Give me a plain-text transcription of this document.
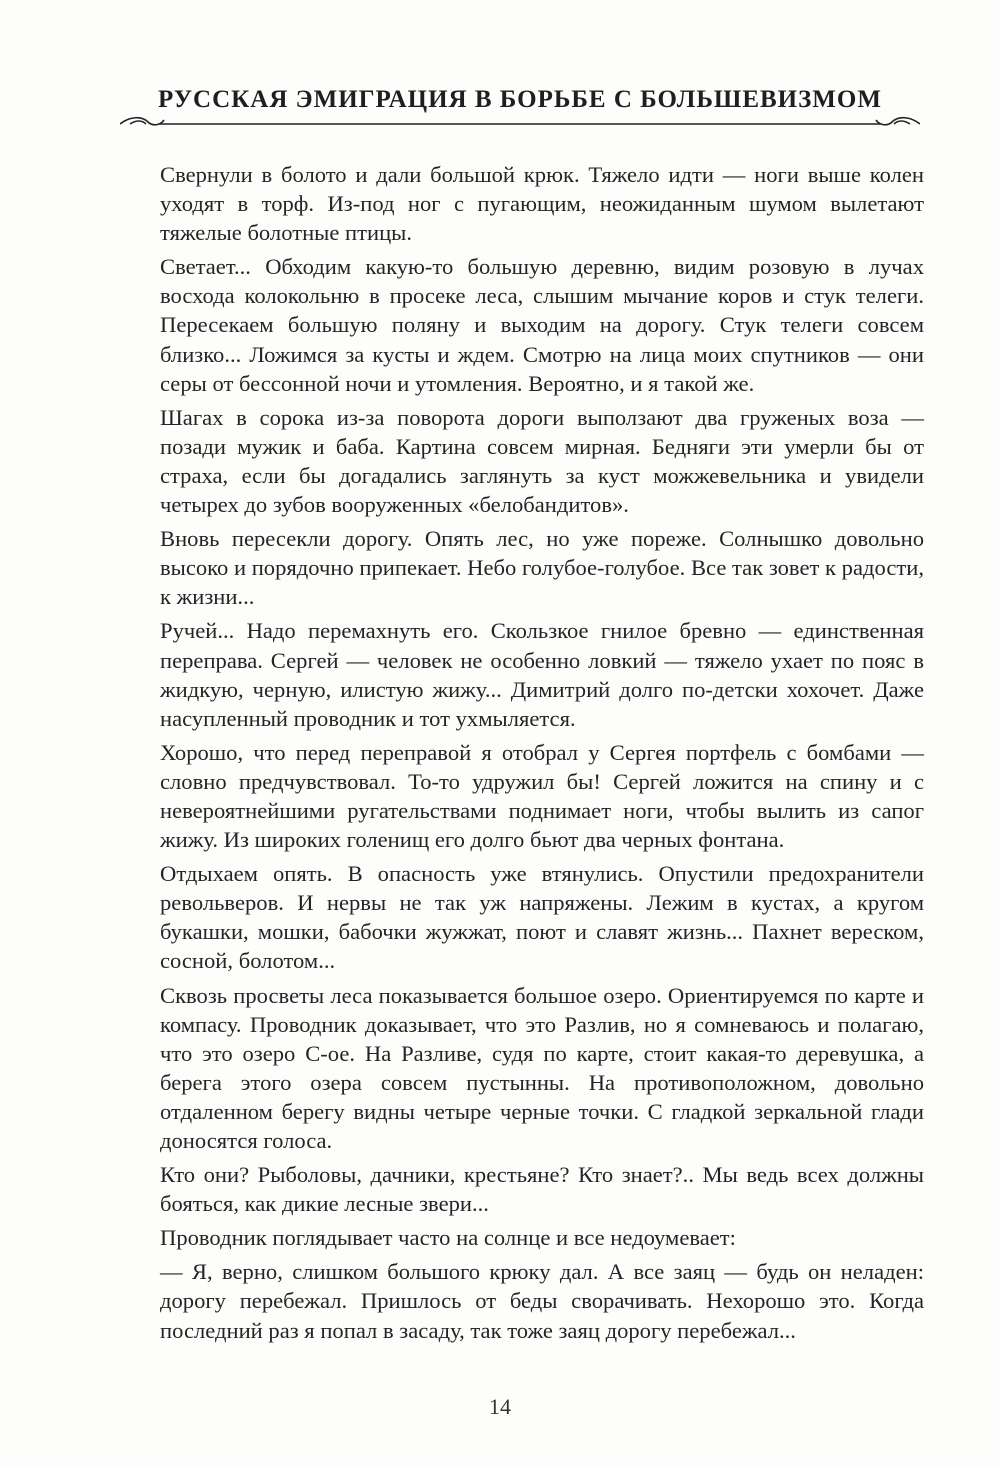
РУССКАЯ ЭМИГРАЦИЯ В БОРЬБЕ С БОЛЬШЕВИЗМОМ

Свернули в болото и дали большой крюк. Тяжело идти — ноги выше колен уходят в торф. Из-под ног с пугающим, неожиданным шумом вылетают тяжелые болотные птицы.

Светает... Обходим какую-то большую деревню, видим розовую в лучах восхода колокольню в просеке леса, слышим мычание коров и стук телеги. Пересекаем большую поляну и выходим на дорогу. Стук телеги совсем близко... Ложимся за кусты и ждем. Смотрю на лица моих спутников — они серы от бессонной ночи и утомления. Вероятно, и я такой же.

Шагах в сорока из-за поворота дороги выползают два груженых воза — позади мужик и баба. Картина совсем мирная. Бедняги эти умерли бы от страха, если бы догадались заглянуть за куст можжевельника и увидели четырех до зубов вооруженных «белобандитов».

Вновь пересекли дорогу. Опять лес, но уже пореже. Солнышко довольно высоко и порядочно припекает. Небо голубое-голубое. Все так зовет к радости, к жизни...

Ручей... Надо перемахнуть его. Скользкое гнилое бревно — единственная переправа. Сергей — человек не особенно ловкий — тяжело ухает по пояс в жидкую, черную, илистую жижу... Димитрий долго по-детски хохочет. Даже насупленный проводник и тот ухмыляется.

Хорошо, что перед переправой я отобрал у Сергея портфель с бомбами — словно предчувствовал. То-то удружил бы! Сергей ложится на спину и с невероятнейшими ругательствами поднимает ноги, чтобы вылить из сапог жижу. Из широких голенищ его долго бьют два черных фонтана.

Отдыхаем опять. В опасность уже втянулись. Опустили предохранители револьверов. И нервы не так уж напряжены. Лежим в кустах, а кругом букашки, мошки, бабочки жужжат, поют и славят жизнь... Пахнет вереском, сосной, болотом...

Сквозь просветы леса показывается большое озеро. Ориентируемся по карте и компасу. Проводник доказывает, что это Разлив, но я сомневаюсь и полагаю, что это озеро С-ое. На Разливе, судя по карте, стоит какая-то деревушка, а берега этого озера совсем пустынны. На противоположном, довольно отдаленном берегу видны четыре черные точки. С гладкой зеркальной глади доносятся голоса.

Кто они? Рыболовы, дачники, крестьяне? Кто знает?.. Мы ведь всех должны бояться, как дикие лесные звери...

Проводник поглядывает часто на солнце и все недоумевает:

— Я, верно, слишком большого крюку дал. А все заяц — будь он неладен: дорогу перебежал. Пришлось от беды сворачивать. Нехорошо это. Когда последний раз я попал в засаду, так тоже заяц дорогу перебежал...

14
